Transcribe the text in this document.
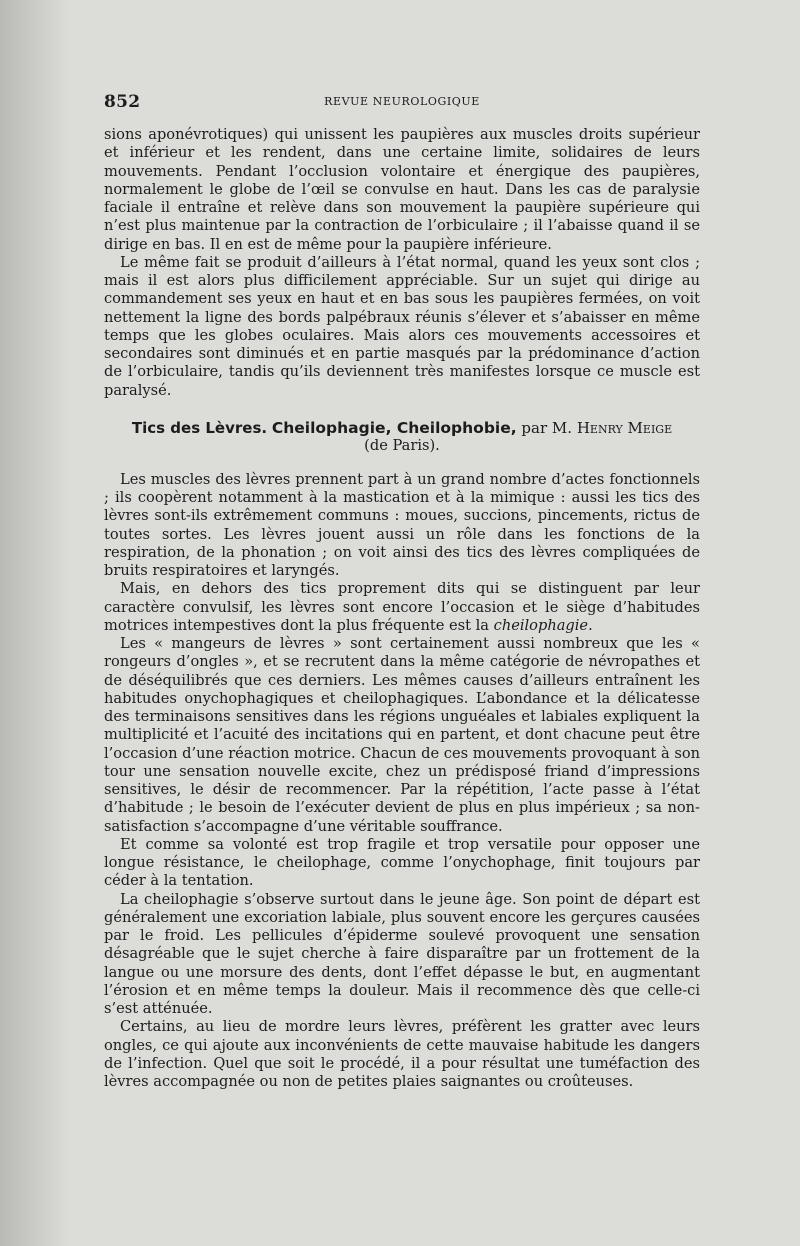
852	REVUE NEUROLOGIQUE

sions aponévrotiques) qui unissent les paupières aux muscles droits supérieur et inférieur et les rendent, dans une certaine limite, solidaires de leurs mouvements. Pendant l’occlusion volontaire et énergique des paupières, normalement le globe de l’œil se convulse en haut. Dans les cas de paralysie faciale il entraîne et relève dans son mouvement la paupière supérieure qui n’est plus maintenue par la contraction de l’orbiculaire ; il l’abaisse quand il se dirige en bas. Il en est de même pour la paupière inférieure.

Le même fait se produit d’ailleurs à l’état normal, quand les yeux sont clos ; mais il est alors plus difficilement appréciable. Sur un sujet qui dirige au commandement ses yeux en haut et en bas sous les paupières fermées, on voit nettement la ligne des bords palpébraux réunis s’élever et s’abaisser en même temps que les globes oculaires. Mais alors ces mouvements accessoires et secondaires sont diminués et en partie masqués par la prédominance d’action de l’orbiculaire, tandis qu’ils deviennent très manifestes lorsque ce muscle est paralysé.

Tics des Lèvres. Cheilophagie, Cheilophobie, par M. Henry Meige
(de Paris).

Les muscles des lèvres prennent part à un grand nombre d’actes fonctionnels ; ils coopèrent notamment à la mastication et à la mimique : aussi les tics des lèvres sont-ils extrêmement communs : moues, succions, pincements, rictus de toutes sortes. Les lèvres jouent aussi un rôle dans les fonctions de la respiration, de la phonation ; on voit ainsi des tics des lèvres compliquées de bruits respiratoires et laryngés.

Mais, en dehors des tics proprement dits qui se distinguent par leur caractère convulsif, les lèvres sont encore l’occasion et le siège d’habitudes motrices intempestives dont la plus fréquente est la cheilophagie.

Les « mangeurs de lèvres » sont certainement aussi nombreux que les « rongeurs d’ongles », et se recrutent dans la même catégorie de névropathes et de déséquilibrés que ces derniers. Les mêmes causes d’ailleurs entraînent les habitudes onychophagiques et cheilophagiques. L’abondance et la délicatesse des terminaisons sensitives dans les régions unguéales et labiales expliquent la multiplicité et l’acuité des incitations qui en partent, et dont chacune peut être l’occasion d’une réaction motrice. Chacun de ces mouvements provoquant à son tour une sensation nouvelle excite, chez un prédisposé friand d’impressions sensitives, le désir de recommencer. Par la répétition, l’acte passe à l’état d’habitude ; le besoin de l’exécuter devient de plus en plus impérieux ; sa non-satisfaction s’accompagne d’une véritable souffrance.

Et comme sa volonté est trop fragile et trop versatile pour opposer une longue résistance, le cheilophage, comme l’onychophage, finit toujours par céder à la tentation.

La cheilophagie s’observe surtout dans le jeune âge. Son point de départ est généralement une excoriation labiale, plus souvent encore les gerçures causées par le froid. Les pellicules d’épiderme soulevé provoquent une sensation désagréable que le sujet cherche à faire disparaître par un frottement de la langue ou une morsure des dents, dont l’effet dépasse le but, en augmentant l’érosion et en même temps la douleur. Mais il recommence dès que celle-ci s’est atténuée.

Certains, au lieu de mordre leurs lèvres, préfèrent les gratter avec leurs ongles, ce qui ajoute aux inconvénients de cette mauvaise habitude les dangers de l’infection. Quel que soit le procédé, il a pour résultat une tuméfaction des lèvres accompagnée ou non de petites plaies saignantes ou croûteuses.
